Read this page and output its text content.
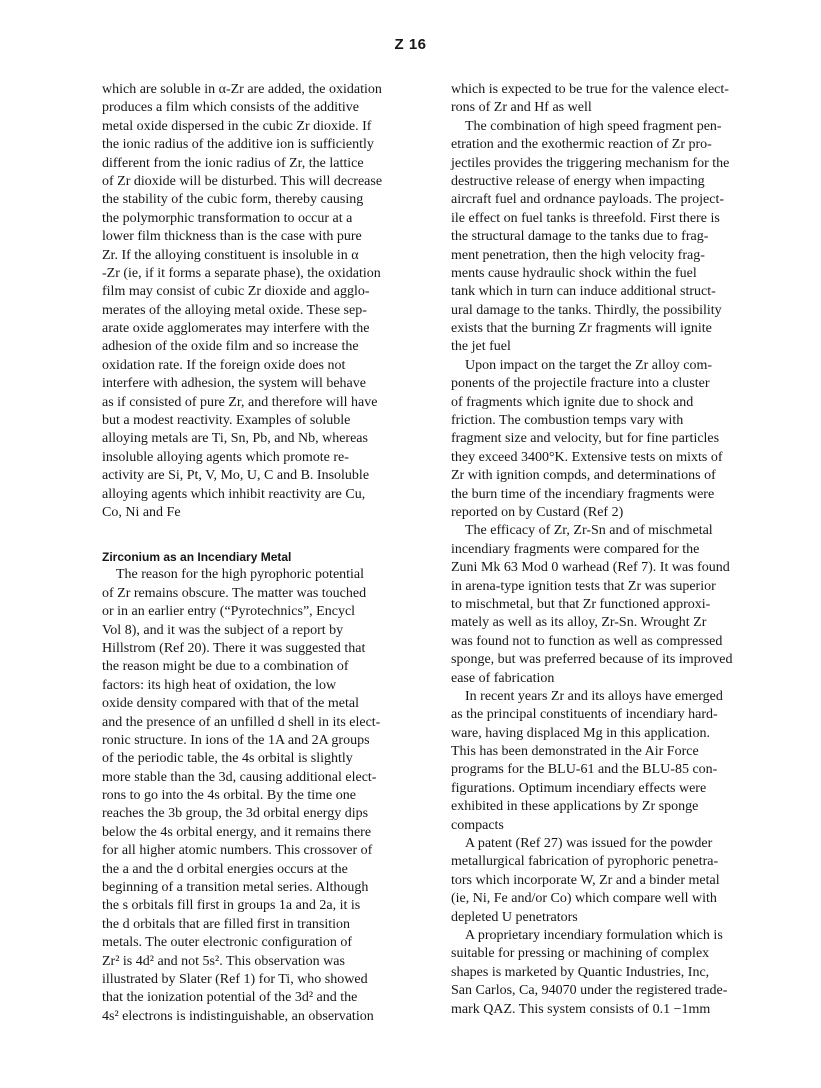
Z 16
which are soluble in α-Zr are added, the oxidation
produces a film which consists of the additive
metal oxide dispersed in the cubic Zr dioxide. If
the ionic radius of the additive ion is sufficiently
different from the ionic radius of Zr, the lattice
of Zr dioxide will be disturbed. This will decrease
the stability of the cubic form, thereby causing
the polymorphic transformation to occur at a
lower film thickness than is the case with pure
Zr. If the alloying constituent is insoluble in α
-Zr (ie, if it forms a separate phase), the oxidation
film may consist of cubic Zr dioxide and agglo-
merates of the alloying metal oxide. These sep-
arate oxide agglomerates may interfere with the
adhesion of the oxide film and so increase the
oxidation rate. If the foreign oxide does not
interfere with adhesion, the system will behave
as if consisted of pure Zr, and therefore will have
but a modest reactivity. Examples of soluble
alloying metals are Ti, Sn, Pb, and Nb, whereas
insoluble alloying agents which promote re-
activity are Si, Pt, V, Mo, U, C and B. Insoluble
alloying agents which inhibit reactivity are Cu,
Co, Ni and Fe
Zirconium as an Incendiary Metal
The reason for the high pyrophoric potential
of Zr remains obscure. The matter was touched
or in an earlier entry (“Pyrotechnics”, Encycl
Vol 8), and it was the subject of a report by
Hillstrom (Ref 20). There it was suggested that
the reason might be due to a combination of
factors: its high heat of oxidation, the low
oxide density compared with that of the metal
and the presence of an unfilled d shell in its elect-
ronic structure. In ions of the 1A and 2A groups
of the periodic table, the 4s orbital is slightly
more stable than the 3d, causing additional elect-
rons to go into the 4s orbital. By the time one
reaches the 3b group, the 3d orbital energy dips
below the 4s orbital energy, and it remains there
for all higher atomic numbers. This crossover of
the a and the d orbital energies occurs at the
beginning of a transition metal series. Although
the s orbitals fill first in groups 1a and 2a, it is
the d orbitals that are filled first in transition
metals. The outer electronic configuration of
Zr² is 4d² and not 5s². This observation was
illustrated by Slater (Ref 1) for Ti, who showed
that the ionization potential of the 3d² and the
4s² electrons is indistinguishable, an observation
which is expected to be true for the valence elect-
rons of Zr and Hf as well
The combination of high speed fragment pen-
etration and the exothermic reaction of Zr pro-
jectiles provides the triggering mechanism for the
destructive release of energy when impacting
aircraft fuel and ordnance payloads. The project-
ile effect on fuel tanks is threefold. First there is
the structural damage to the tanks due to frag-
ment penetration, then the high velocity frag-
ments cause hydraulic shock within the fuel
tank which in turn can induce additional struct-
ural damage to the tanks. Thirdly, the possibility
exists that the burning Zr fragments will ignite
the jet fuel
Upon impact on the target the Zr alloy com-
ponents of the projectile fracture into a cluster
of fragments which ignite due to shock and
friction. The combustion temps vary with
fragment size and velocity, but for fine particles
they exceed 3400°K. Extensive tests on mixts of
Zr with ignition compds, and determinations of
the burn time of the incendiary fragments were
reported on by Custard (Ref 2)
The efficacy of Zr, Zr-Sn and of mischmetal
incendiary fragments were compared for the
Zuni Mk 63 Mod 0 warhead (Ref 7). It was found
in arena-type ignition tests that Zr was superior
to mischmetal, but that Zr functioned approxi-
mately as well as its alloy, Zr-Sn. Wrought Zr
was found not to function as well as compressed
sponge, but was preferred because of its improved
ease of fabrication
In recent years Zr and its alloys have emerged
as the principal constituents of incendiary hard-
ware, having displaced Mg in this application.
This has been demonstrated in the Air Force
programs for the BLU-61 and the BLU-85 con-
figurations. Optimum incendiary effects were
exhibited in these applications by Zr sponge
compacts
A patent (Ref 27) was issued for the powder
metallurgical fabrication of pyrophoric penetra-
tors which incorporate W, Zr and a binder metal
(ie, Ni, Fe and/or Co) which compare well with
depleted U penetrators
A proprietary incendiary formulation which is
suitable for pressing or machining of complex
shapes is marketed by Quantic Industries, Inc,
San Carlos, Ca, 94070 under the registered trade-
mark QAZ. This system consists of 0.1 −1mm
